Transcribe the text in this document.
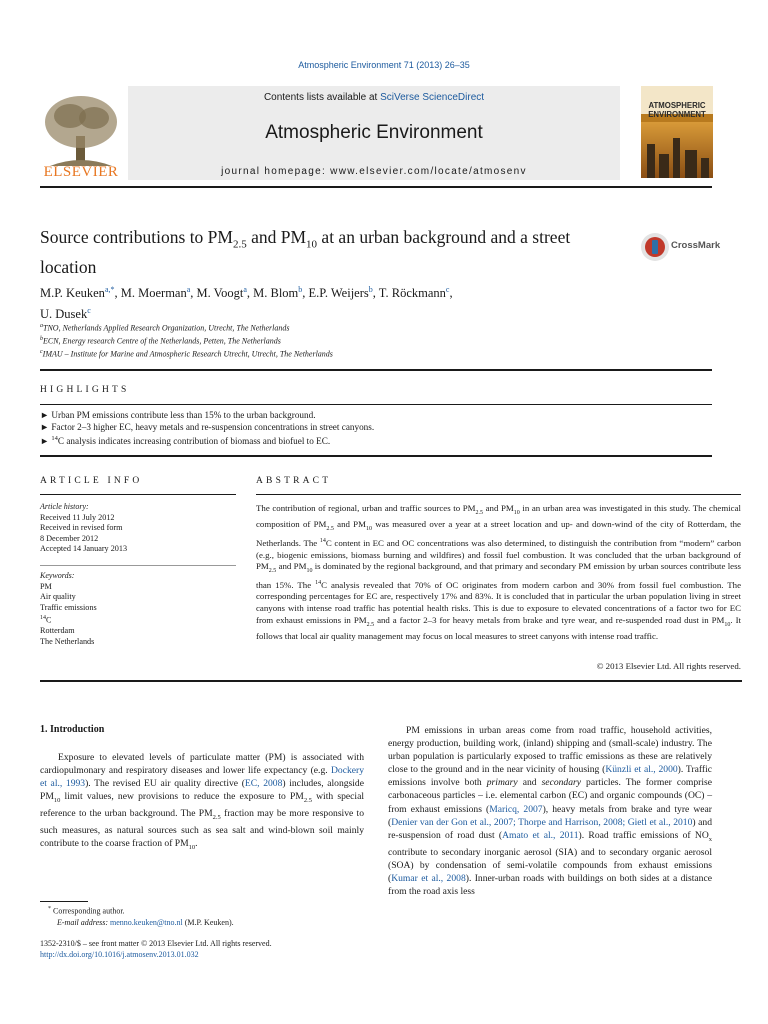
Atmospheric Environment 71 (2013) 26–35
ELSEVIER
Contents lists available at SciVerse ScienceDirect
Atmospheric Environment
journal homepage: www.elsevier.com/locate/atmosenv
ATMOSPHERIC
ENVIRONMENT
Source contributions to $PM_{2.5}$ and $PM_{10}$ at an urban background and a street location
CrossMark
M.P. Keuken$^{a,*}$, M. Moerman$^a$, M. Voogt$^a$, M. Blom$^b$, E.P. Weijers$^b$, T. Röckmann$^c$,
U. Dusek$^c$
$^a$TNO, Netherlands Applied Research Organization, Utrecht, The Netherlands
$^b$ECN, Energy research Centre of the Netherlands, Petten, The Netherlands
$^c$IMAU – Institute for Marine and Atmospheric Research Utrecht, Utrecht, The Netherlands
HIGHLIGHTS
► Urban PM emissions contribute less than 15% to the urban background.
► Factor 2–3 higher EC, heavy metals and re-suspension concentrations in street canyons.
► $^{14}$C analysis indicates increasing contribution of biomass and biofuel to EC.
ARTICLE INFO
Article history:
Received 11 July 2012
Received in revised form
8 December 2012
Accepted 14 January 2013
Keywords:
PM
Air quality
Traffic emissions
$^{14}$C
Rotterdam
The Netherlands
ABSTRACT
The contribution of regional, urban and traffic sources to $PM_{2.5}$ and $PM_{10}$ in an urban area was investigated in this study. The chemical composition of $PM_{2.5}$ and $PM_{10}$ was measured over a year at a street location and up- and down-wind of the city of Rotterdam, the Netherlands. The $^{14}$C content in EC and OC concentrations was also determined, to distinguish the contribution from “modern” carbon (e.g., biogenic emissions, biomass burning and wildfires) and fossil fuel combustion. It was concluded that the urban background of $PM_{2.5}$ and $PM_{10}$ is dominated by the regional background, and that primary and secondary PM emission by urban sources contribute less than 15%. The $^{14}$C analysis revealed that 70% of OC originates from modern carbon and 30% from fossil fuel combustion. The corresponding percentages for EC are, respectively 17% and 83%. It is concluded that in particular the urban population living in street canyons with intense road traffic has potential health risks. This is due to exposure to elevated concentrations of a factor two for EC from exhaust emissions in $PM_{2.5}$ and a factor 2–3 for heavy metals from brake and tyre wear, and re-suspended road dust in $PM_{10}$. It follows that local air quality management may focus on local measures to street canyons with intense road traffic.
© 2013 Elsevier Ltd. All rights reserved.
1. Introduction
Exposure to elevated levels of particulate matter (PM) is associated with cardiopulmonary and respiratory diseases and lower life expectancy (e.g. Dockery et al., 1993). The revised EU air quality directive (EC, 2008) includes, alongside $PM_{10}$ limit values, new provisions to reduce the exposure to $PM_{2.5}$ with special reference to the urban background. The $PM_{2.5}$ fraction may be more responsive to such measures, as natural sources such as sea salt and wind-blown soil mainly contribute to the coarse fraction of $PM_{10}$.
PM emissions in urban areas come from road traffic, household activities, energy production, building work, (inland) shipping and (small-scale) industry. The urban population is particularly exposed to traffic emissions as these are relatively close to the ground and in the near vicinity of housing (Künzli et al., 2000). Traffic emissions involve both primary and secondary particles. The former comprise carbonaceous particles – i.e. elemental carbon (EC) and organic compounds (OC) – from exhaust emissions (Maricq, 2007), heavy metals from brake and tyre wear (Denier van der Gon et al., 2007; Thorpe and Harrison, 2008; Gietl et al., 2010) and re-suspension of road dust (Amato et al., 2011). Road traffic emissions of $NO_x$ contribute to secondary inorganic aerosol (SIA) and to secondary organic aerosol (SOA) by condensation of semi-volatile compounds from exhaust emissions (Kumar et al., 2008). Inner-urban roads with buildings on both sides at a distance from the road axis less
* Corresponding author.
E-mail address: menno.keuken@tno.nl (M.P. Keuken).
1352-2310/$ – see front matter © 2013 Elsevier Ltd. All rights reserved.
http://dx.doi.org/10.1016/j.atmosenv.2013.01.032
